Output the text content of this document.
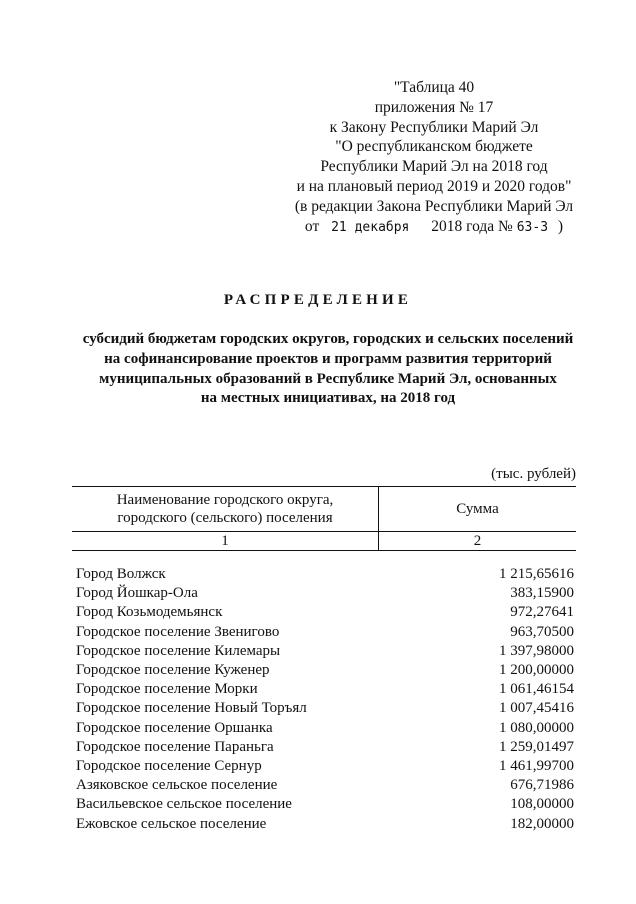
"Таблица 40
приложения № 17
к Закону Республики Марий Эл
"О республиканском бюджете
Республики Марий Эл на 2018 год
и на плановый период 2019 и 2020 годов"
(в редакции Закона Республики Марий Эл
от 21 декабря 2018 года № 63-З )
РАСПРЕДЕЛЕНИЕ
субсидий бюджетам городских округов, городских и сельских поселений
на софинансирование проектов и программ развития территорий
муниципальных образований в Республике Марий Эл, основанных
на местных инициативах, на 2018 год
(тыс. рублей)
Наименование городского округа,
городского (сельского) поселения	Сумма
1	2

Город Волжск	1 215,65616
Город Йошкар-Ола	383,15900
Город Козьмодемьянск	972,27641
Городское поселение Звенигово	963,70500
Городское поселение Килемары	1 397,98000
Городское поселение Куженер	1 200,00000
Городское поселение Морки	1 061,46154
Городское поселение Новый Торъял	1 007,45416
Городское поселение Оршанка	1 080,00000
Городское поселение Параньга	1 259,01497
Городское поселение Сернур	1 461,99700
Азяковское сельское поселение	676,71986
Васильевское сельское поселение	108,00000
Ежовское сельское поселение	182,00000
